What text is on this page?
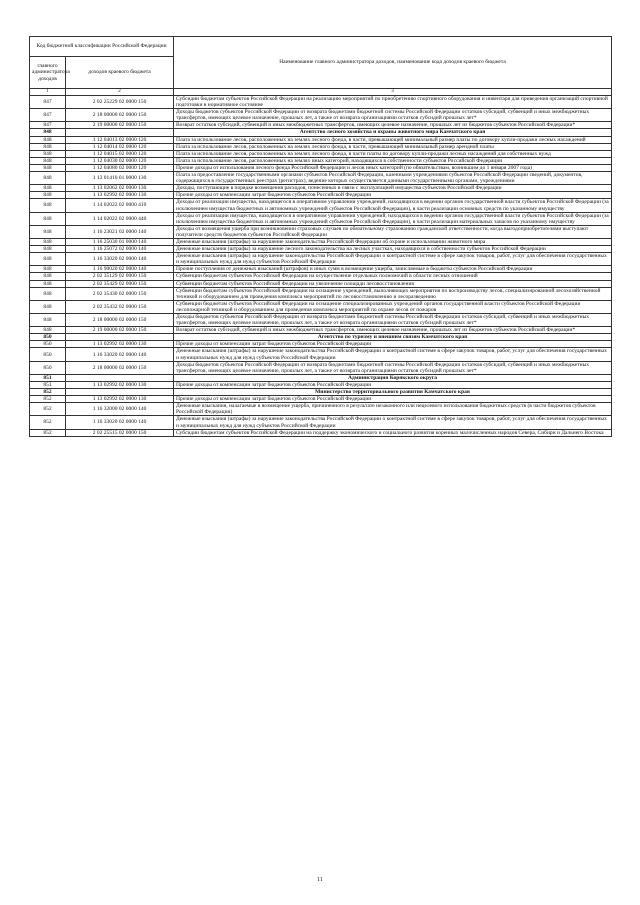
Код бюджетной классификации Российской Федерации		Наименование главного администратора доходов, наименование кода доходов краевого бюджета
главного администратора доходов	доходов краевого бюджета	
1	2	3
847	2 02 25229 02 0000 150	Субсидии бюджетам субъектов Российской Федерации на реализацию мероприятий по приобретению спортивного оборудования и инвентаря для приведения организаций спортивной подготовки в нормативное состояние
847	2 18 00000 02 0000 150	Доходы бюджетов субъектов Российской Федерации от возврата бюджетами бюджетной системы Российской Федерации остатков субсидий, субвенций и иных межбюджетных трансфертов, имеющих целевое назначение, прошлых лет, а также от возврата организациями остатков субсидий прошлых лет*
847	2 19 00000 02 0000 150	Возврат остатков субсидий, субвенций и иных межбюджетных трансфертов, имеющих целевое назначение, прошлых лет из бюджетов субъектов Российской Федерации*
848		Агентство лесного хозяйства и охраны животного мира Камчатского края
848	1 12 04013 02 0000 120	Плата за использование лесов, расположенных на землях лесного фонда, в части, превышающей минимальный размер платы по договору купли-продажи лесных насаждений
848	1 12 04014 02 0000 120	Плата за использование лесов, расположенных на землях лесного фонда, в части, превышающей минимальный размер арендной платы
848	1 12 04015 02 0000 120	Плата за использование лесов, расположенных на землях лесного фонда, в части платы по договору купли-продажи лесных насаждений для собственных нужд
848	1 12 04030 02 0000 120	Плата за использование лесов, расположенных на землях иных категорий, находящихся в собственности субъектов Российской Федерации
848	1 12 04080 02 0000 120	Прочие доходы от использования лесного фонда Российской Федерации и лесов иных категорий (по обязательствам, возникшим до 1 января 2007 года)
848	1 13 01410 01 0000 130	Плата за предоставление государственными органами субъектов Российской Федерации, казенными учреждениями субъектов Российской Федерации сведений, документов, содержащихся в государственных реестрах (регистрах), ведение которых осуществляется данными государственными органами, учреждениями
848	1 13 02062 02 0000 130	Доходы, поступающие в порядке возмещения расходов, понесенных в связи с эксплуатацией имущества субъектов Российской Федерации
848	1 13 02992 02 0000 130	Прочие доходы от компенсации затрат бюджетов субъектов Российской Федерации
848	1 14 02022 02 0000 410	Доходы от реализации имущества, находящегося в оперативном управлении учреждений, находящихся в ведении органов государственной власти субъектов Российской Федерации (за исключением имущества бюджетных и автономных учреждений субъектов Российской Федерации), в части реализации основных средств по указанному имуществу
848	1 14 02022 02 0000 440	Доходы от реализации имущества, находящегося в оперативном управлении учреждений, находящихся в ведении органов государственной власти субъектов Российской Федерации (за исключением имущества бюджетных и автономных учреждений субъектов Российской Федерации), в части реализации материальных запасов по указанному имуществу
848	1 16 23021 02 0000 140	Доходы от возмещения ущерба при возникновении страховых случаев по обязательному страхованию гражданской ответственности, когда выгодоприобретателями выступают получатели средств бюджетов субъектов Российской Федерации
848	1 16 25030 01 0000 140	Денежные взыскания (штрафы) за нарушение законодательства Российской Федерации об охране и использовании животного мира
848	1 16 25072 02 0000 140	Денежные взыскания (штрафы) за нарушение лесного законодательства на лесных участках, находящихся в собственности субъектов Российской Федерации
848	1 16 33020 02 0000 140	Денежные взыскания (штрафы) за нарушение законодательства Российской Федерации о контрактной системе в сфере закупок товаров, работ, услуг для обеспечения государственных и муниципальных нужд для нужд субъектов Российской Федерации
848	1 16 90020 02 0000 140	Прочие поступления от денежных взысканий (штрафов) и иных сумм в возмещение ущерба, зачисляемые в бюджеты субъектов Российской Федерации
848	2 02 35129 02 0000 150	Субвенции бюджетам субъектов Российской Федерации на осуществление отдельных полномочий в области лесных отношений
848	2 02 35429 02 0000 150	Субвенции бюджетам субъектов Российской Федерации на увеличение площади лесовосстановления
848	2 02 35430 02 0000 150	Субвенции бюджетам субъектов Российской Федерации на оснащение учреждений, выполняющих мероприятия по воспроизводству лесов, специализированной лесохозяйственной техникой и оборудованием для проведения комплекса мероприятий по лесовосстановлению и лесоразведению
848	2 02 35432 02 0000 150	Субвенции бюджетам субъектов Российской Федерации на оснащение специализированных учреждений органов государственной власти субъектов Российской Федерации лесопожарной техникой и оборудованием для проведения комплекса мероприятий по охране лесов от пожаров
848	2 18 00000 02 0000 150	Доходы бюджетов субъектов Российской Федерации от возврата бюджетами бюджетной системы Российской Федерации остатков субсидий, субвенций и иных межбюджетных трансфертов, имеющих целевое назначение, прошлых лет, а также от возврата организациями остатков субсидий прошлых лет*
848	2 19 00000 02 0000 150	Возврат остатков субсидий, субвенций и иных межбюджетных трансфертов, имеющих целевое назначение, прошлых лет из бюджетов субъектов Российской Федерации*
850		Агентство по туризму и внешним связям Камчатского края
850	1 13 02992 02 0000 130	Прочие доходы от компенсации затрат бюджетов субъектов Российской Федерации
850	1 16 33020 02 0000 140	Денежные взыскания (штрафы) за нарушение законодательства Российской Федерации о контрактной системе в сфере закупок товаров, работ, услуг для обеспечения государственных и муниципальных нужд для нужд субъектов Российской Федерации
850	2 18 00000 02 0000 150	Доходы бюджетов субъектов Российской Федерации от возврата бюджетами бюджетной системы Российской Федерации остатков субсидий, субвенций и иных межбюджетных трансфертов, имеющих целевое назначение, прошлых лет, а также от возврата организациями остатков субсидий прошлых лет*
851		Администрация Корякского округа
851	1 13 02992 02 0000 130	Прочие доходы от компенсации затрат бюджетов субъектов Российской Федерации
852		Министерство территориального развития Камчатского края
852	1 13 02992 02 0000 130	Прочие доходы от компенсации затрат бюджетов субъектов Российской Федерации
852	1 16 32000 02 0000 140	Денежные взыскания, налагаемые в возмещение ущерба, причиненного в результате незаконного или нецелевого использования бюджетных средств (в части бюджетов субъектов Российской Федерации)
852	1 16 33020 02 0000 140	Денежные взыскания (штрафы) за нарушение законодательства Российской Федерации о контрактной системе в сфере закупок товаров, работ, услуг для обеспечения государственных и муниципальных нужд для нужд субъектов Российской Федерации
852	2 02 25515 02 0000 150	Субсидии бюджетам субъектов Российской Федерации на поддержку экономического и социального развития коренных малочисленных народов Севера, Сибири и Дальнего Востока
11
